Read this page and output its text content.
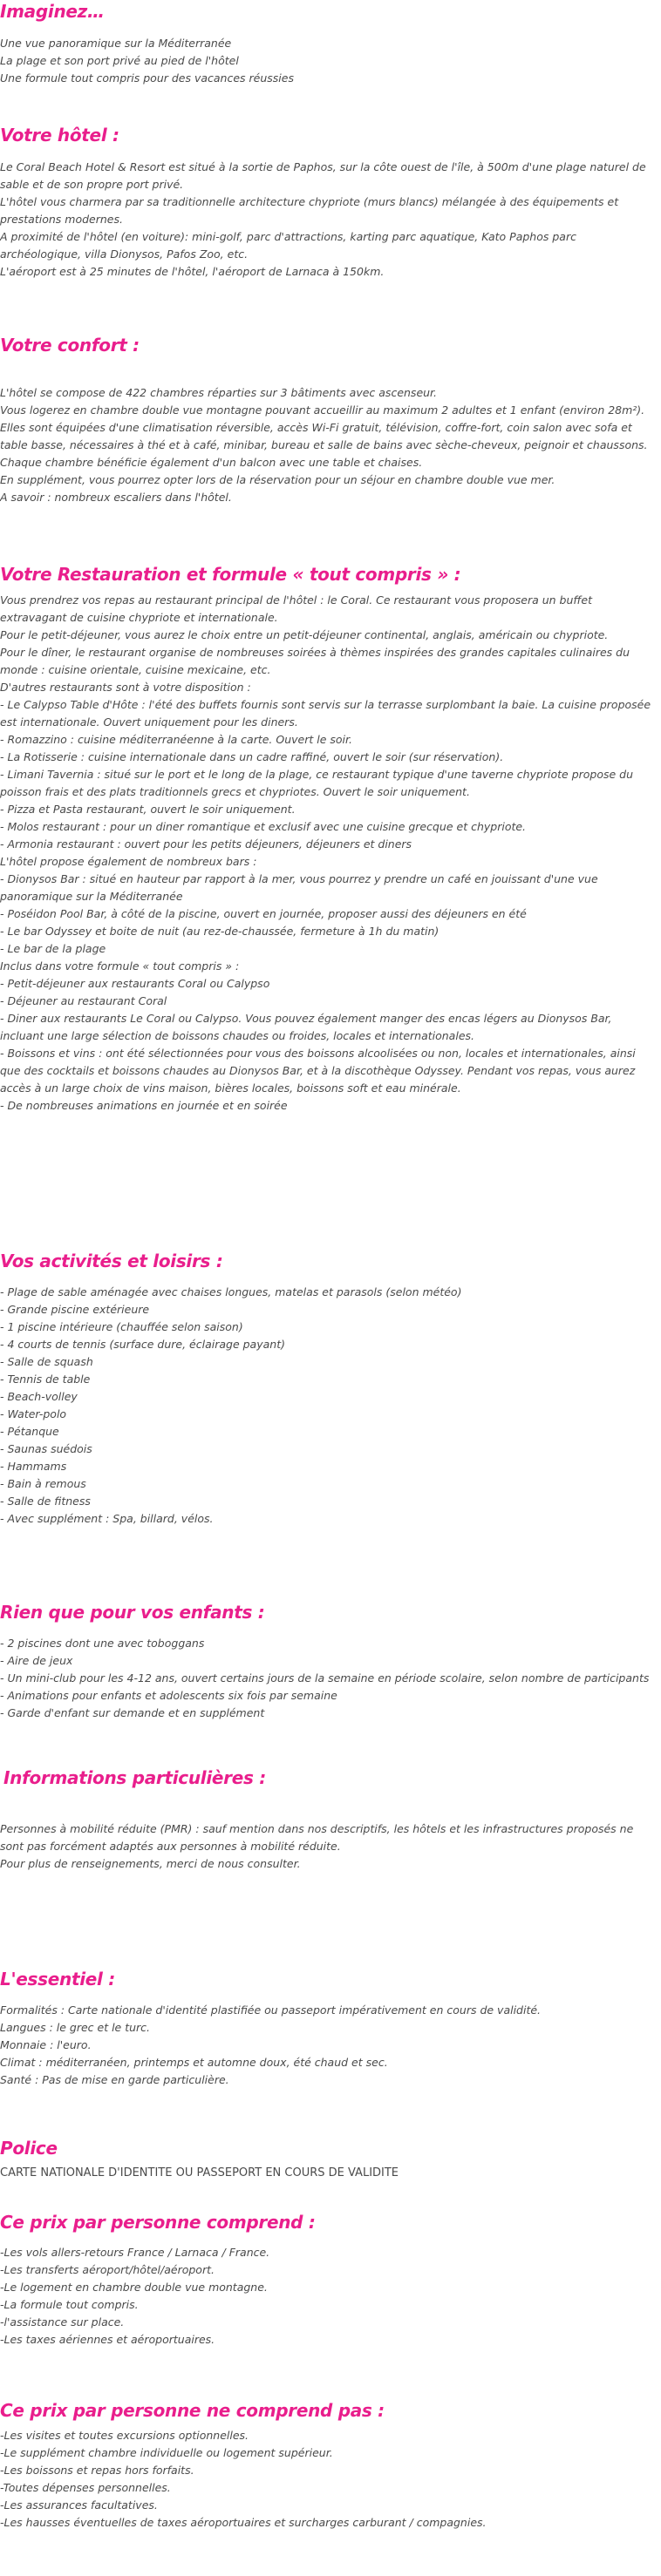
Imaginez…
Une vue panoramique sur la Méditerranée
La plage et son port privé au pied de l'hôtel
Une formule tout compris pour des vacances réussies
Votre hôtel :
Le Coral Beach Hotel & Resort est situé à la sortie de Paphos, sur la côte ouest de l'île, à 500m d'une plage naturel de sable et de son propre port privé.
L'hôtel vous charmera par sa traditionnelle architecture chypriote (murs blancs) mélangée à des équipements et prestations modernes.
A proximité de l'hôtel (en voiture): mini-golf, parc d'attractions, karting parc aquatique, Kato Paphos parc archéologique, villa Dionysos, Pafos Zoo, etc.
L'aéroport est à 25 minutes de l'hôtel, l'aéroport de Larnaca à 150km.
Votre confort :
L'hôtel se compose de 422 chambres réparties sur 3 bâtiments avec ascenseur.
Vous logerez en chambre double vue montagne pouvant accueillir au maximum 2 adultes et 1 enfant (environ 28m²).
Elles sont équipées d'une climatisation réversible, accès Wi-Fi gratuit, télévision, coffre-fort, coin salon avec sofa et table basse, nécessaires à thé et à café, minibar, bureau et salle de bains avec sèche-cheveux, peignoir et chaussons.
Chaque chambre bénéficie également d'un balcon avec une table et chaises.
En supplément, vous pourrez opter lors de la réservation pour un séjour en chambre double vue mer.
A savoir : nombreux escaliers dans l'hôtel.
Votre Restauration et formule « tout compris » :
Vous prendrez vos repas au restaurant principal de l'hôtel : le Coral. Ce restaurant vous proposera un buffet extravagant de cuisine chypriote et internationale.
Pour le petit-déjeuner, vous aurez le choix entre un petit-déjeuner continental, anglais, américain ou chypriote.
Pour le dîner, le restaurant organise de nombreuses soirées à thèmes inspirées des grandes capitales culinaires du monde : cuisine orientale, cuisine mexicaine, etc.
D'autres restaurants sont à votre disposition :
- Le Calypso Table d'Hôte : l'été des buffets fournis sont servis sur la terrasse surplombant la baie. La cuisine proposée est internationale. Ouvert uniquement pour les diners.
- Romazzino : cuisine méditerranéenne à la carte. Ouvert le soir.
- La Rotisserie : cuisine internationale dans un cadre raffiné, ouvert le soir (sur réservation).
- Limani Tavernia : situé sur le port et le long de la plage, ce restaurant typique d'une taverne chypriote propose du poisson frais et des plats traditionnels grecs et chypriotes. Ouvert le soir uniquement.
- Pizza et Pasta restaurant, ouvert le soir uniquement.
- Molos restaurant : pour un diner romantique et exclusif avec une cuisine grecque et chypriote.
- Armonia restaurant : ouvert pour les petits déjeuners, déjeuners et diners
L'hôtel propose également de nombreux bars :
- Dionysos Bar : situé en hauteur par rapport à la mer, vous pourrez y prendre un café en jouissant d'une vue panoramique sur la Méditerranée
- Poséidon Pool Bar, à côté de la piscine, ouvert en journée, proposer aussi des déjeuners en été
- Le bar Odyssey et boite de nuit (au rez-de-chaussée, fermeture à 1h du matin)
- Le bar de la plage
Inclus dans votre formule « tout compris » :
- Petit-déjeuner aux restaurants Coral ou Calypso
- Déjeuner au restaurant Coral
- Diner aux restaurants Le Coral ou Calypso. Vous pouvez également manger des encas légers au Dionysos Bar, incluant une large sélection de boissons chaudes ou froides, locales et internationales.
- Boissons et vins : ont été sélectionnées pour vous des boissons alcoolisées ou non, locales et internationales, ainsi que des cocktails et boissons chaudes au Dionysos Bar, et à la discothèque Odyssey. Pendant vos repas, vous aurez accès à un large choix de vins maison, bières locales, boissons soft et eau minérale.
- De nombreuses animations en journée et en soirée
Vos activités et loisirs :
- Plage de sable aménagée avec chaises longues, matelas et parasols (selon météo)
- Grande piscine extérieure
- 1 piscine intérieure (chauffée selon saison)
- 4 courts de tennis (surface dure, éclairage payant)
- Salle de squash
- Tennis de table
- Beach-volley
- Water-polo
- Pétanque
- Saunas suédois
- Hammams
- Bain à remous
- Salle de fitness
- Avec supplément : Spa, billard, vélos.
Rien que pour vos enfants :
- 2 piscines dont une avec toboggans
- Aire de jeux
- Un mini-club pour les 4-12 ans, ouvert certains jours de la semaine en période scolaire, selon nombre de participants
- Animations pour enfants et adolescents six fois par semaine
- Garde d'enfant sur demande et en supplément
Informations particulières :
Personnes à mobilité réduite (PMR) : sauf mention dans nos descriptifs, les hôtels et les infrastructures proposés ne sont pas forcément adaptés aux personnes à mobilité réduite.
Pour plus de renseignements, merci de nous consulter.
L'essentiel :
Formalités : Carte nationale d'identité plastifiée ou passeport impérativement en cours de validité.
Langues : le grec et le turc.
Monnaie : l'euro.
Climat : méditerranéen, printemps et automne doux, été chaud et sec.
Santé : Pas de mise en garde particulière.
Police
CARTE NATIONALE D'IDENTITE OU PASSEPORT EN COURS DE VALIDITE
Ce prix par personne comprend :
-Les vols allers-retours France / Larnaca / France.
-Les transferts aéroport/hôtel/aéroport.
-Le logement en chambre double vue montagne.
-La formule tout compris.
-l'assistance sur place.
-Les taxes aériennes et aéroportuaires.
Ce prix par personne ne comprend pas :
-Les visites et toutes excursions optionnelles.
-Le supplément chambre individuelle ou logement supérieur.
-Les boissons et repas hors forfaits.
-Toutes dépenses personnelles.
-Les assurances facultatives.
-Les hausses éventuelles de taxes aéroportuaires et surcharges carburant / compagnies.
